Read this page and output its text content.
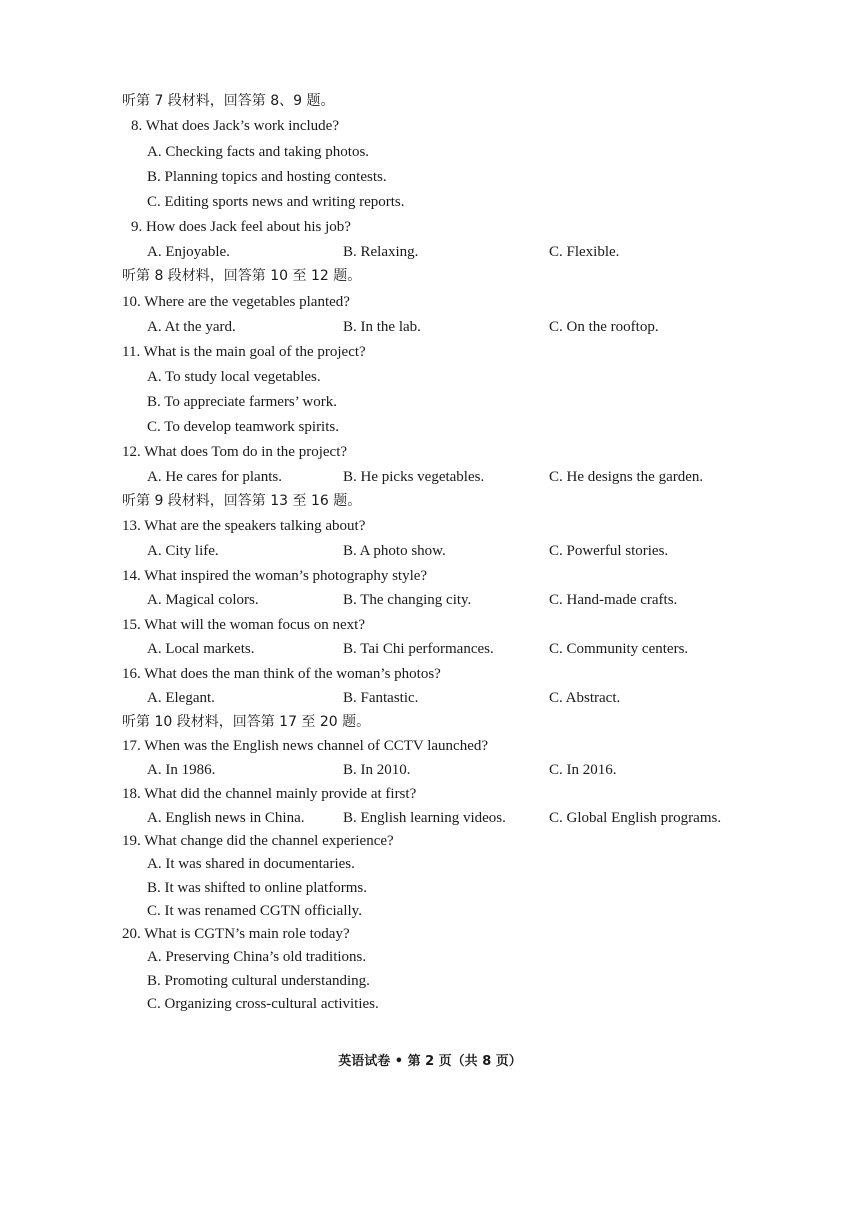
听第 7 段材料，回答第 8、9 题。
8. What does Jack’s work include?
A. Checking facts and taking photos.
B. Planning topics and hosting contests.
C. Editing sports news and writing reports.
9. How does Jack feel about his job?
A. Enjoyable.	B. Relaxing.	C. Flexible.
听第 8 段材料，回答第 10 至 12 题。
10. Where are the vegetables planted?
A. At the yard.	B. In the lab.	C. On the rooftop.
11. What is the main goal of the project?
A. To study local vegetables.
B. To appreciate farmers’ work.
C. To develop teamwork spirits.
12. What does Tom do in the project?
A. He cares for plants.	B. He picks vegetables.	C. He designs the garden.
听第 9 段材料，回答第 13 至 16 题。
13. What are the speakers talking about?
A. City life.	B. A photo show.	C. Powerful stories.
14. What inspired the woman’s photography style?
A. Magical colors.	B. The changing city.	C. Hand-made crafts.
15. What will the woman focus on next?
A. Local markets.	B. Tai Chi performances.	C. Community centers.
16. What does the man think of the woman’s photos?
A. Elegant.	B. Fantastic.	C. Abstract.
听第 10 段材料，回答第 17 至 20 题。
17. When was the English news channel of CCTV launched?
A. In 1986.	B. In 2010.	C. In 2016.
18. What did the channel mainly provide at first?
A. English news in China.	B. English learning videos.	C. Global English programs.
19. What change did the channel experience?
A. It was shared in documentaries.
B. It was shifted to online platforms.
C. It was renamed CGTN officially.
20. What is CGTN’s main role today?
A. Preserving China’s old traditions.
B. Promoting cultural understanding.
C. Organizing cross-cultural activities.
英语试卷 • 第 2 页（共 8 页）
